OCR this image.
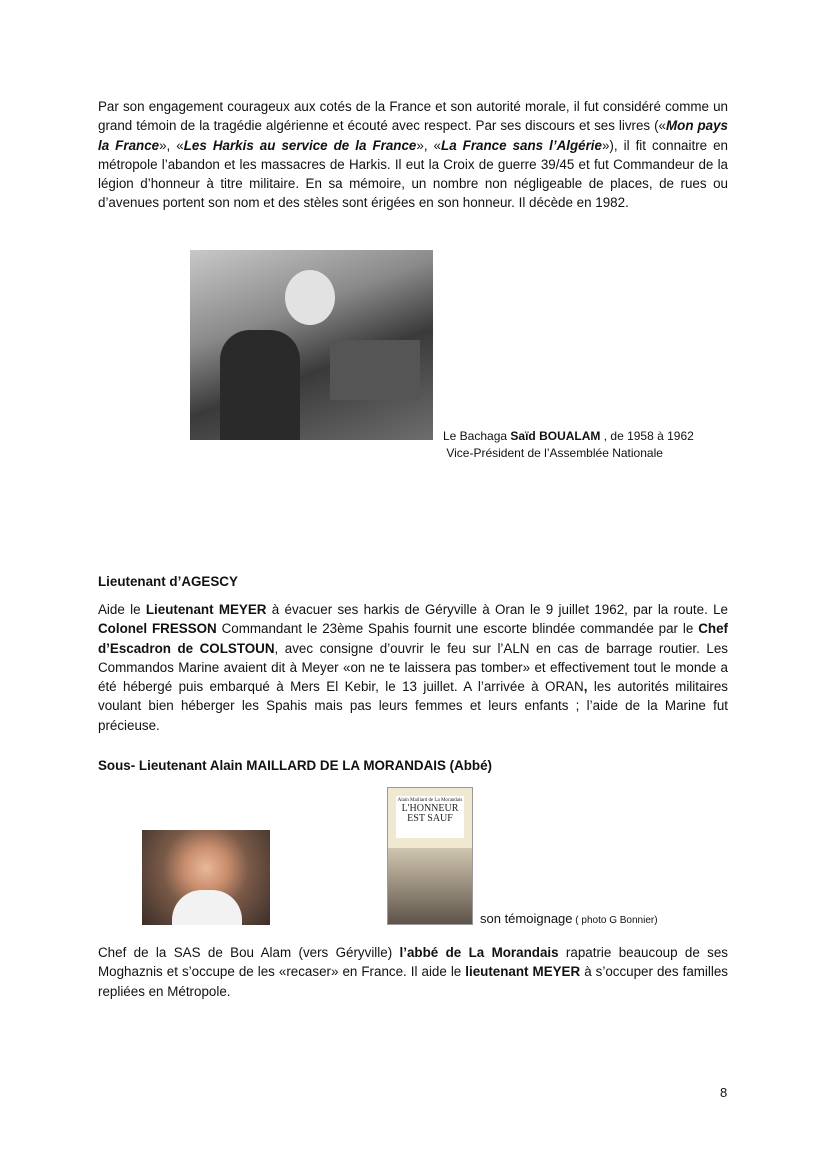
Par son engagement courageux aux cotés de la France et son autorité morale, il fut considéré comme un grand témoin de la tragédie algérienne et écouté avec respect. Par ses discours et ses livres («Mon pays la France», «Les Harkis au service de la France», «La France sans l’Algérie»), il fit connaitre en métropole l’abandon et les massacres de Harkis. Il eut la Croix de guerre 39/45 et fut Commandeur de la légion d’honneur à titre militaire. En sa mémoire, un nombre non négligeable de places, de rues ou d’avenues portent son nom et des stèles sont érigées en son honneur. Il décède en 1982.

Le Bachaga Saïd BOUALAM , de 1958 à 1962
Vice-Président de l’Assemblée Nationale

Lieutenant d’AGESCY

Aide le Lieutenant MEYER à évacuer ses harkis de Géryville à Oran le 9 juillet 1962, par la route. Le Colonel FRESSON Commandant le 23ème Spahis fournit une escorte blindée commandée par le Chef d’Escadron de COLSTOUN, avec consigne d’ouvrir le feu sur l’ALN en cas de barrage routier. Les Commandos Marine avaient dit à Meyer «on ne te laissera pas tomber» et effectivement tout le monde a été hébergé puis embarqué à Mers El Kebir, le 13 juillet. A l’arrivée à ORAN, les autorités militaires voulant bien héberger les Spahis mais pas leurs femmes et leurs enfants ; l’aide de la Marine fut précieuse.

Sous- Lieutenant Alain MAILLARD DE LA MORANDAIS (Abbé)

Alain Maillard de La Morandais
L'HONNEUR
EST SAUF
son témoignage ( photo G Bonnier)

Chef de la SAS de Bou Alam (vers Géryville) l’abbé de La Morandais rapatrie beaucoup de ses Moghaznis et s’occupe de les «recaser» en France. Il aide le lieutenant MEYER à s’occuper des familles repliées en Métropole.

8
